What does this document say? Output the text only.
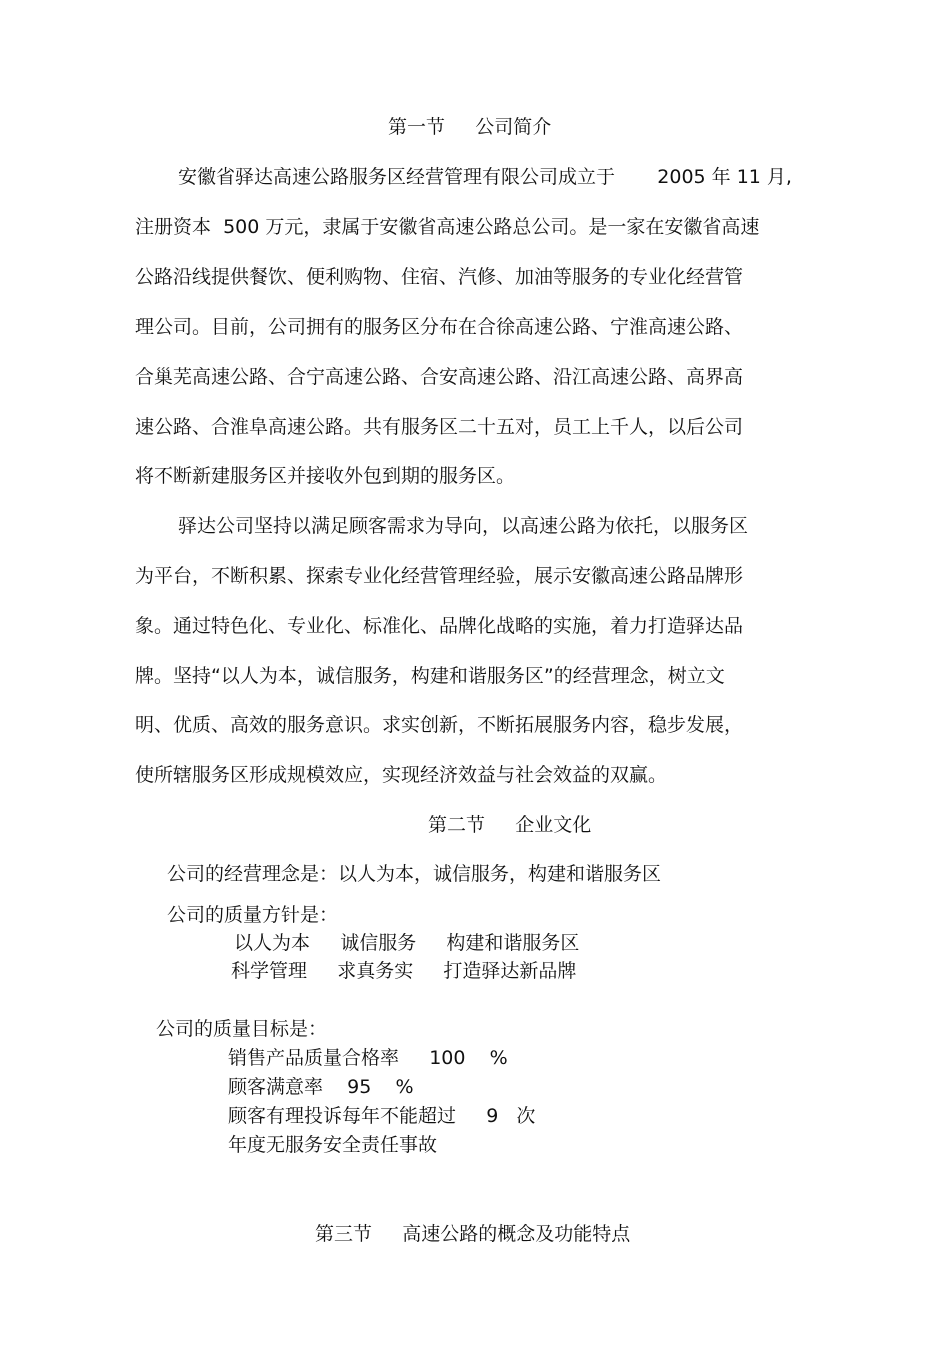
第一节     公司简介
安徽省驿达高速公路服务区经营管理有限公司成立于       2005 年 11 月,
注册资本  500 万元，隶属于安徽省高速公路总公司。是一家在安徽省高速
公路沿线提供餐饮、便利购物、住宿、汽修、加油等服务的专业化经营管
理公司。目前，公司拥有的服务区分布在合徐高速公路、宁淮高速公路、
合巢芜高速公路、合宁高速公路、合安高速公路、沿江高速公路、高界高
速公路、合淮阜高速公路。共有服务区二十五对，员工上千人，以后公司
将不断新建服务区并接收外包到期的服务区。
驿达公司坚持以满足顾客需求为导向，以高速公路为依托，以服务区
为平台，不断积累、探索专业化经营管理经验，展示安徽高速公路品牌形
象。通过特色化、专业化、标准化、品牌化战略的实施，着力打造驿达品
牌。坚持“以人为本，诚信服务，构建和谐服务区”的经营理念，树立文
明、优质、高效的服务意识。求实创新，不断拓展服务内容，稳步发展，
使所辖服务区形成规模效应，实现经济效益与社会效益的双赢。
第二节     企业文化
公司的经营理念是：以人为本，诚信服务，构建和谐服务区
公司的质量方针是：
以人为本     诚信服务     构建和谐服务区
科学管理     求真务实     打造驿达新品牌
公司的质量目标是：
销售产品质量合格率     100    %
顾客满意率    95    %
顾客有理投诉每年不能超过     9   次
年度无服务安全责任事故
第三节     高速公路的概念及功能特点
